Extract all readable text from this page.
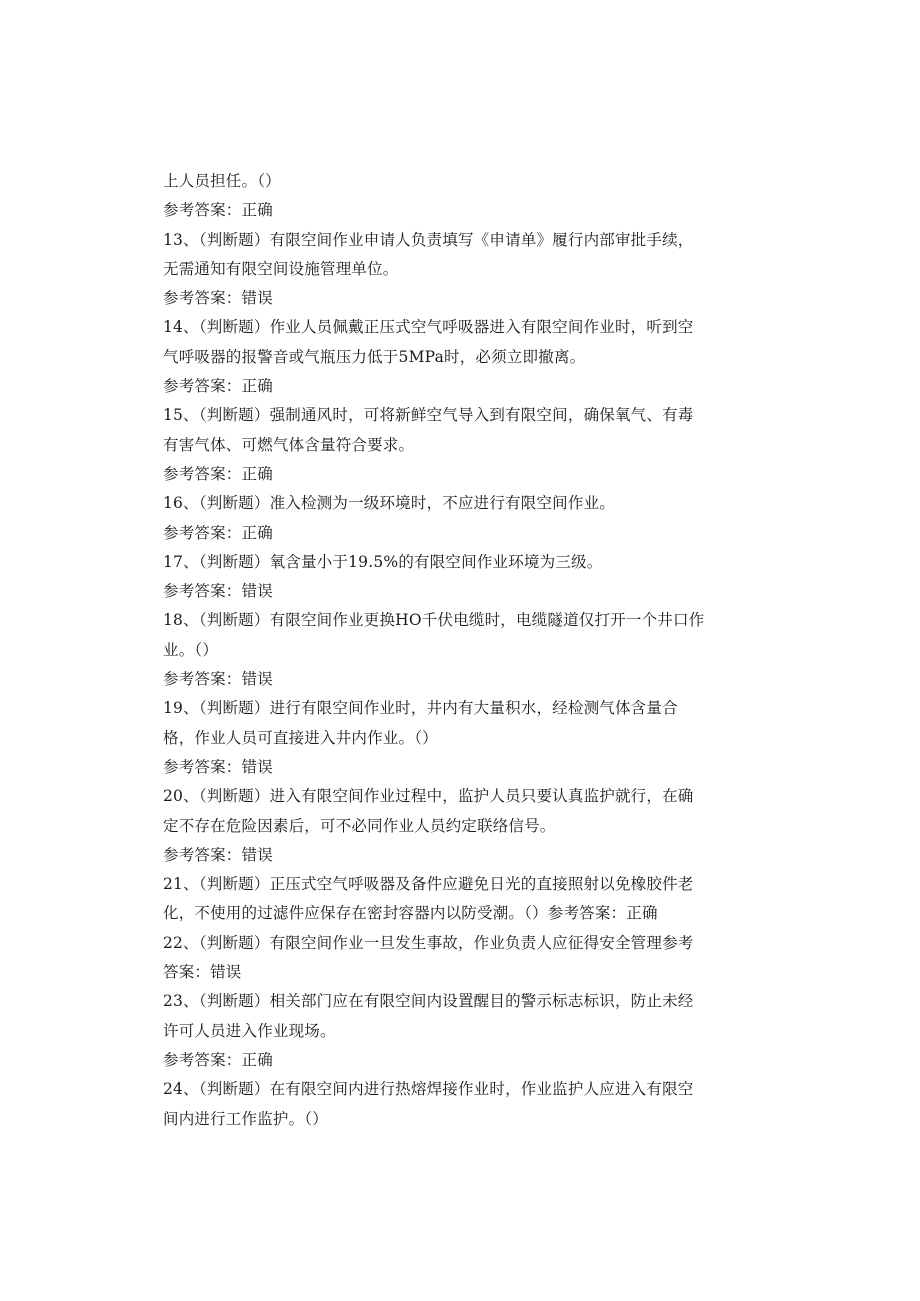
上人员担任。（）
参考答案：正确
13、（判断题）有限空间作业申请人负责填写《申请单》履行内部审批手续，
无需通知有限空间设施管理单位。
参考答案：错误
14、（判断题）作业人员佩戴正压式空气呼吸器进入有限空间作业时，听到空
气呼吸器的报警音或气瓶压力低于5MPa时，必须立即撤离。
参考答案：正确
15、（判断题）强制通风时，可将新鲜空气导入到有限空间，确保氧气、有毒
有害气体、可燃气体含量符合要求。
参考答案：正确
16、（判断题）准入检测为一级环境时，不应进行有限空间作业。
参考答案：正确
17、（判断题）氧含量小于19.5%的有限空间作业环境为三级。
参考答案：错误
18、（判断题）有限空间作业更换HO千伏电缆时，电缆隧道仅打开一个井口作
业。（）
参考答案：错误
19、（判断题）进行有限空间作业时，井内有大量积水，经检测气体含量合
格，作业人员可直接进入井内作业。（）
参考答案：错误
20、（判断题）进入有限空间作业过程中，监护人员只要认真监护就行，在确
定不存在危险因素后，可不必同作业人员约定联络信号。
参考答案：错误
21、（判断题）正压式空气呼吸器及备件应避免日光的直接照射以免橡胶件老
化，不使用的过滤件应保存在密封容器内以防受潮。（）参考答案：正确
22、（判断题）有限空间作业一旦发生事故，作业负责人应征得安全管理参考
答案：错误
23、（判断题）相关部门应在有限空间内设置醒目的警示标志标识，防止未经
许可人员进入作业现场。
参考答案：正确
24、（判断题）在有限空间内进行热熔焊接作业时，作业监护人应进入有限空
间内进行工作监护。（）
